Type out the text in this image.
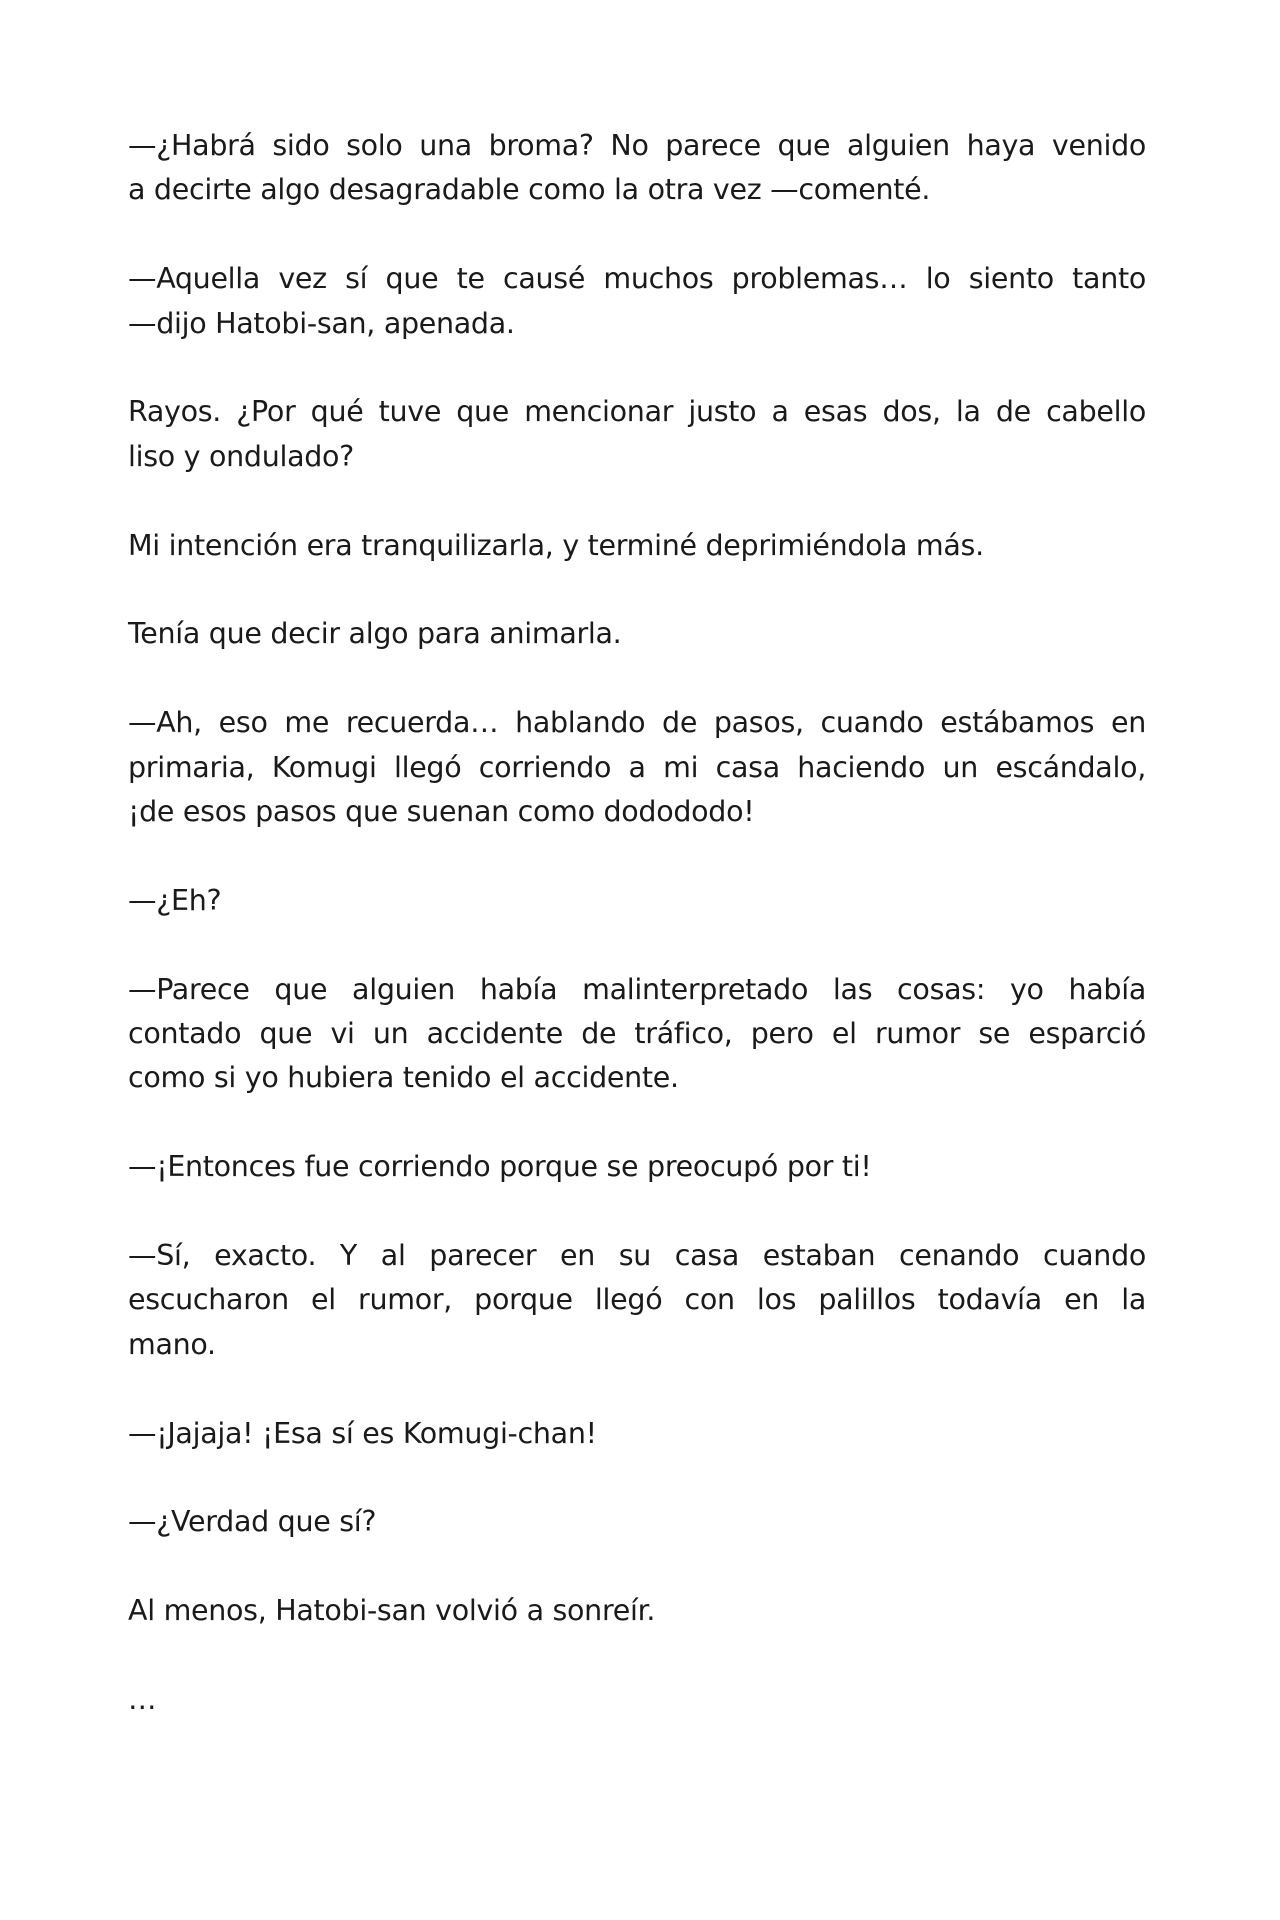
—¿Habrá sido solo una broma? No parece que alguien haya venido
a decirte algo desagradable como la otra vez —comenté.

—Aquella vez sí que te causé muchos problemas… lo siento tanto
—dijo Hatobi-san, apenada.

Rayos. ¿Por qué tuve que mencionar justo a esas dos, la de cabello
liso y ondulado?

Mi intención era tranquilizarla, y terminé deprimiéndola más.

Tenía que decir algo para animarla.

—Ah, eso me recuerda… hablando de pasos, cuando estábamos en
primaria, Komugi llegó corriendo a mi casa haciendo un escándalo,
¡de esos pasos que suenan como dodododo!

—¿Eh?

—Parece que alguien había malinterpretado las cosas: yo había
contado que vi un accidente de tráfico, pero el rumor se esparció
como si yo hubiera tenido el accidente.

—¡Entonces fue corriendo porque se preocupó por ti!

—Sí, exacto. Y al parecer en su casa estaban cenando cuando
escucharon el rumor, porque llegó con los palillos todavía en la
mano.

—¡Jajaja! ¡Esa sí es Komugi-chan!

—¿Verdad que sí?

Al menos, Hatobi-san volvió a sonreír.

…
